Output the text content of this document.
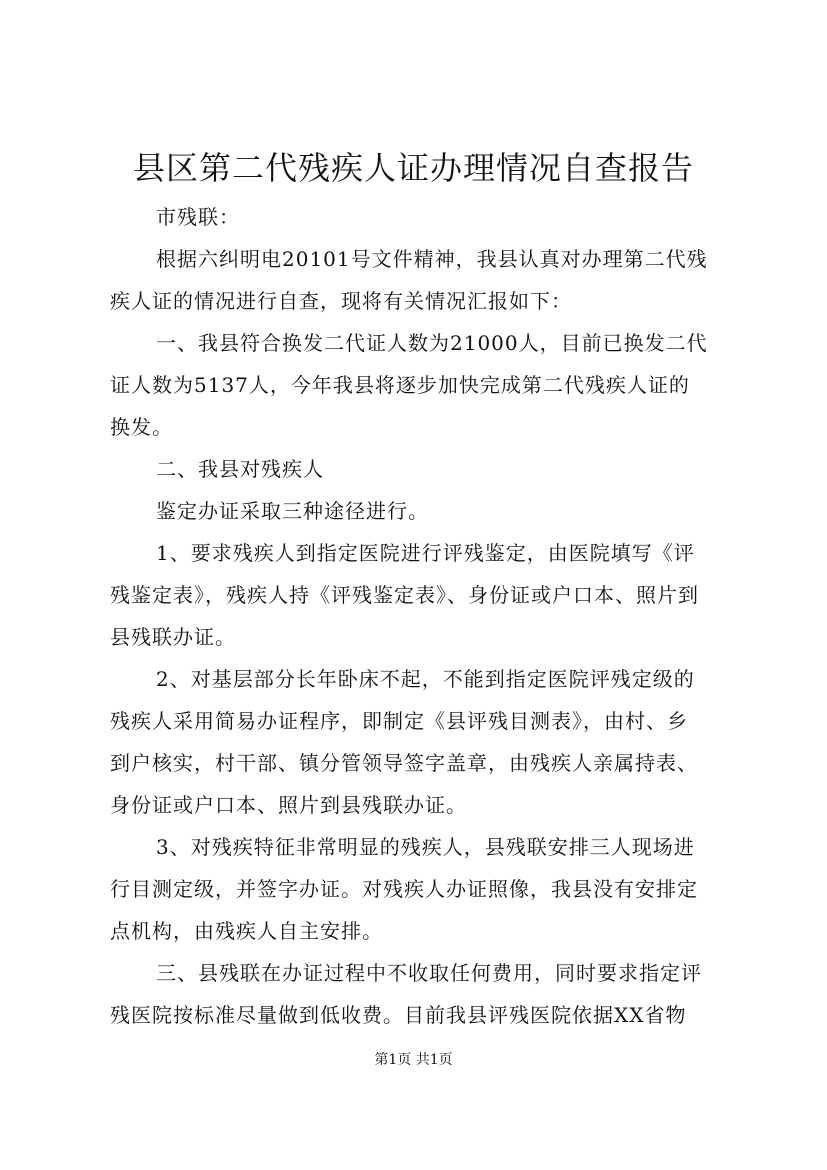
县区第二代残疾人证办理情况自查报告
市残联：
根据六纠明电20101号文件精神，我县认真对办理第二代残
疾人证的情况进行自查，现将有关情况汇报如下：
一、我县符合换发二代证人数为21000人，目前已换发二代
证人数为5137人，今年我县将逐步加快完成第二代残疾人证的
换发。
二、我县对残疾人
鉴定办证采取三种途径进行。
1、要求残疾人到指定医院进行评残鉴定，由医院填写《评
残鉴定表》，残疾人持《评残鉴定表》、身份证或户口本、照片到
县残联办证。
2、对基层部分长年卧床不起，不能到指定医院评残定级的
残疾人采用简易办证程序，即制定《县评残目测表》，由村、乡
到户核实，村干部、镇分管领导签字盖章，由残疾人亲属持表、
身份证或户口本、照片到县残联办证。
3、对残疾特征非常明显的残疾人，县残联安排三人现场进
行目测定级，并签字办证。对残疾人办证照像，我县没有安排定
点机构，由残疾人自主安排。
三、县残联在办证过程中不收取任何费用，同时要求指定评
残医院按标准尽量做到低收费。目前我县评残医院依据XX省物
第1页 共1页
